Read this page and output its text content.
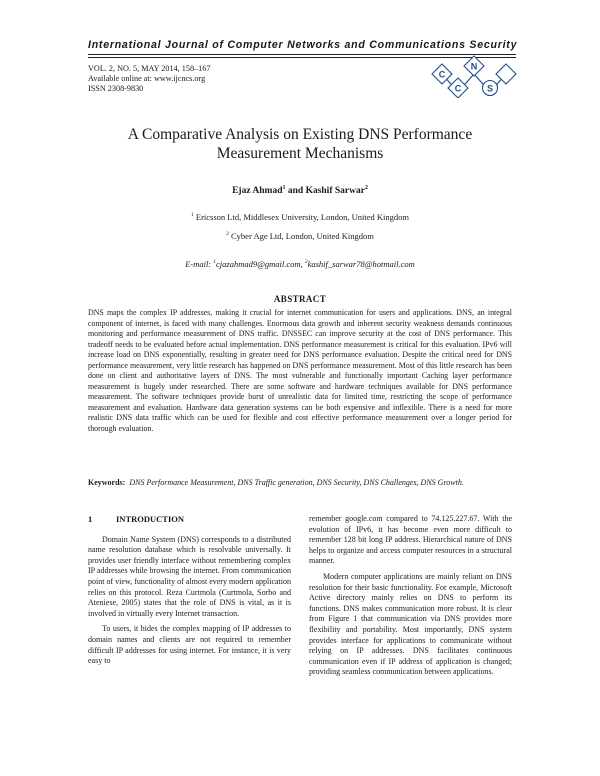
International Journal of Computer Networks and Communications Security
VOL. 2, NO. 5, MAY 2014, 158–167
Available online at: www.ijcncs.org
ISSN 2308-9830
C
N
C	S
A Comparative Analysis on Existing DNS Performance
Measurement Mechanisms
Ejaz Ahmad$^1$ and Kashif Sarwar$^2$
$^1$ Ericsson Ltd, Middlesex University, London, United Kingdom
$^2$ Cyber Age Ltd, London, United Kingdom
E-mail: $^1$cjazahmad9@gmail.com, $^2$kashif_sarwar78@hotmail.com
ABSTRACT
DNS maps the complex IP addresses, making it crucial for internet communication for users and applications. DNS, an integral component of internet, is faced with many challenges. Enormous data growth and inherent security weakness demands continuous monitoring and performance measurement of DNS traffic. DNSSEC can improve security at the cost of DNS performance. This tradeoff needs to be evaluated before actual implementation. DNS performance measurement is critical for this evaluation. IPv6 will increase load on DNS exponentially, resulting in greater need for DNS performance evaluation. Despite the critical need for DNS performance measurement, very little research has happened on DNS performance measurement. Most of this little research has been done on client and authoritative layers of DNS. The most vulnerable and functionally important Caching layer performance measurement is hugely under researched. There are some software and hardware techniques available for DNS performance measurement. The software techniques provide burst of unrealistic data for limited time, restricting the scope of performance measurement and evaluation. Hardware data generation systems can be both expensive and inflexible. There is a need for more realistic DNS data traffic which can be used for flexible and cost effective performance measurement over a longer period for thorough evaluation.
Keywords: DNS Performance Measurement, DNS Traffic generation, DNS Security, DNS Challenges, DNS Growth.
1	INTRODUCTION

Domain Name System (DNS) corresponds to a distributed name resolution database which is resolvable universally. It provides user friendly interface without remembering complex IP addresses while browsing the internet. From communication point of view, functionality of almost every modern application relies on this protocol. Reza Curtmola (Curtmola, Sorbo and Ateniese, 2005) states that the role of DNS is vital, as it is involved in virtually every Internet transaction.

To users, it hides the complex mapping of IP addresses to domain names and clients are not required to remember difficult IP addresses for using internet. For instance, it is very easy to

remember google.com compared to 74.125.227.67. With the evolution of IPv6, it has become even more difficult to remember 128 bit long IP address. Hierarchical nature of DNS helps to organize and access computer resources in a structural manner.

Modern computer applications are mainly reliant on DNS resolution for their basic functionality. For example, Microsoft Active directory mainly relies on DNS to perform its functions. DNS makes communication more robust. It is clear from Figure 1 that communication via DNS provides more flexibility and portability. Most importantly, DNS system provides interface for applications to communicate without relying on IP addresses. DNS facilitates continuous communication even if IP address of application is changed; providing seamless communication between applications.
